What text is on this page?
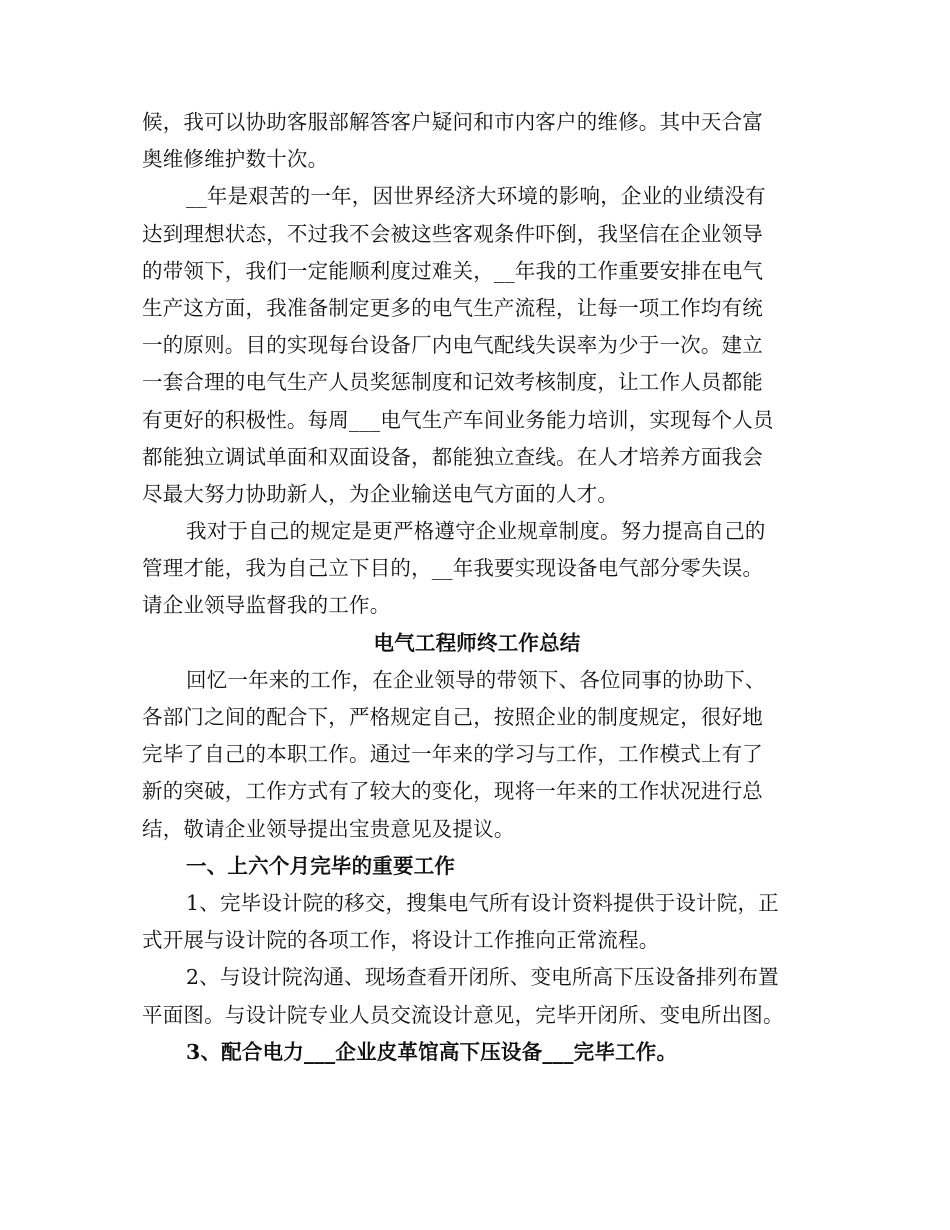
候，我可以协助客服部解答客户疑问和市内客户的维修。其中天合富
奥维修维护数十次。
__年是艰苦的一年，因世界经济大环境的影响，企业的业绩没有
达到理想状态，不过我不会被这些客观条件吓倒，我坚信在企业领导
的带领下，我们一定能顺利度过难关，__年我的工作重要安排在电气
生产这方面，我准备制定更多的电气生产流程，让每一项工作均有统
一的原则。目的实现每台设备厂内电气配线失误率为少于一次。建立
一套合理的电气生产人员奖惩制度和记效考核制度，让工作人员都能
有更好的积极性。每周___电气生产车间业务能力培训，实现每个人员
都能独立调试单面和双面设备，都能独立查线。在人才培养方面我会
尽最大努力协助新人，为企业输送电气方面的人才。
我对于自己的规定是更严格遵守企业规章制度。努力提高自己的
管理才能，我为自己立下目的，__年我要实现设备电气部分零失误。
请企业领导监督我的工作。
电气工程师终工作总结
回忆一年来的工作，在企业领导的带领下、各位同事的协助下、
各部门之间的配合下，严格规定自己，按照企业的制度规定，很好地
完毕了自己的本职工作。通过一年来的学习与工作，工作模式上有了
新的突破，工作方式有了较大的变化，现将一年来的工作状况进行总
结，敬请企业领导提出宝贵意见及提议。
一、上六个月完毕的重要工作
1、完毕设计院的移交，搜集电气所有设计资料提供于设计院，正
式开展与设计院的各项工作，将设计工作推向正常流程。
2、与设计院沟通、现场查看开闭所、变电所高下压设备排列布置
平面图。与设计院专业人员交流设计意见，完毕开闭所、变电所出图。
3、配合电力___企业皮革馆高下压设备___完毕工作。
